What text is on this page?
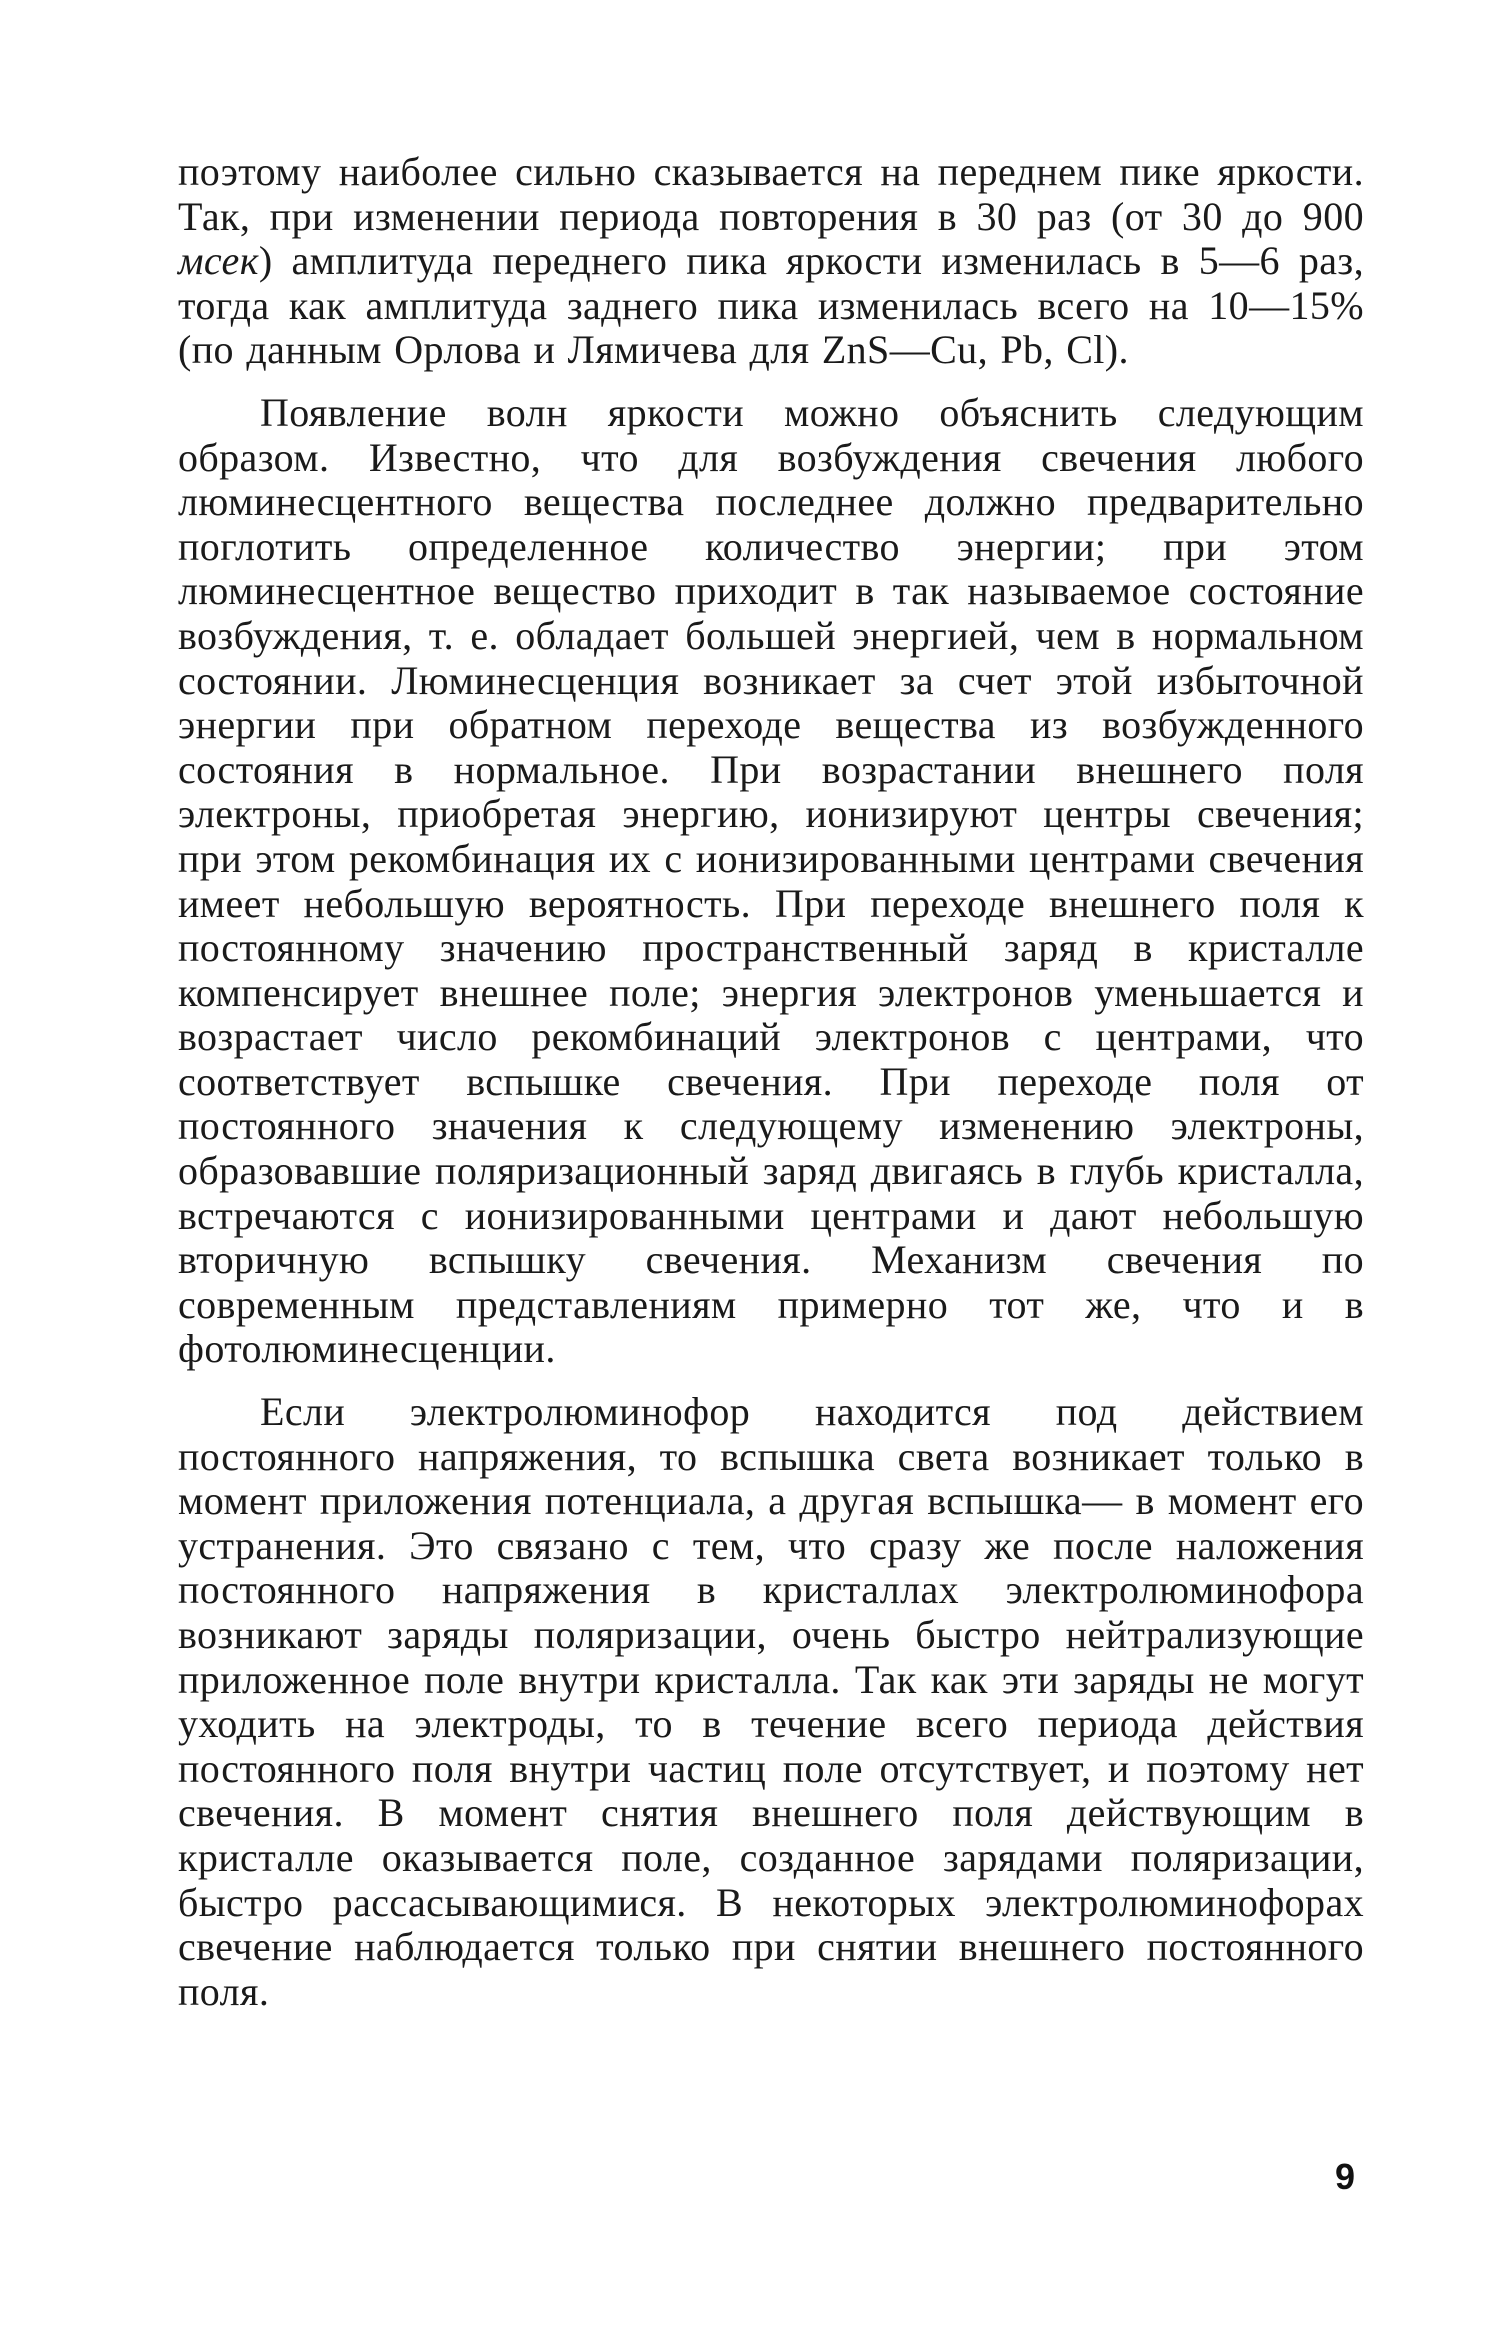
поэтому наиболее сильно сказывается на переднем пике яркости. Так, при изменении периода повторения в 30 раз (от 30 до 900 мсек) амплитуда переднего пика яркости изменилась в 5—6 раз, тогда как амплитуда заднего пика изменилась всего на 10—15% (по данным Орлова и Лямичева для ZnS—Cu, Pb, Cl).

Появление волн яркости можно объяснить следующим образом. Известно, что для возбуждения свечения любого люминесцентного вещества последнее должно предварительно поглотить определенное количество энергии; при этом люминесцентное вещество приходит в так называемое состояние возбуждения, т. е. обладает большей энергией, чем в нормальном состоянии. Люминесценция возникает за счет этой избыточной энергии при обратном переходе вещества из возбужденного состояния в нормальное. При возрастании внешнего поля электроны, приобретая энергию, ионизируют центры свечения; при этом рекомбинация их с ионизированными центрами свечения имеет небольшую вероятность. При переходе внешнего поля к постоянному значению пространственный заряд в кристалле компенсирует внешнее поле; энергия электронов уменьшается и возрастает число рекомбинаций электронов с центрами, что соответствует вспышке свечения. При переходе поля от постоянного значения к следующему изменению электроны, образовавшие поляризационный заряд двигаясь в глубь кристалла, встречаются с ионизированными центрами и дают небольшую вторичную вспышку свечения. Механизм свечения по современным представлениям примерно тот же, что и в фотолюминесценции.

Если электролюминофор находится под действием постоянного напряжения, то вспышка света возникает только в момент приложения потенциала, а другая вспышка— в момент его устранения. Это связано с тем, что сразу же после наложения постоянного напряжения в кристаллах электролюминофора возникают заряды поляризации, очень быстро нейтрализующие приложенное поле внутри кристалла. Так как эти заряды не могут уходить на электроды, то в течение всего периода действия постоянного поля внутри частиц поле отсутствует, и поэтому нет свечения. В момент снятия внешнего поля действующим в кристалле оказывается поле, созданное зарядами поляризации, быстро рассасывающимися. В некоторых электролюминофорах свечение наблюдается только при снятии внешнего постоянного поля.

9
